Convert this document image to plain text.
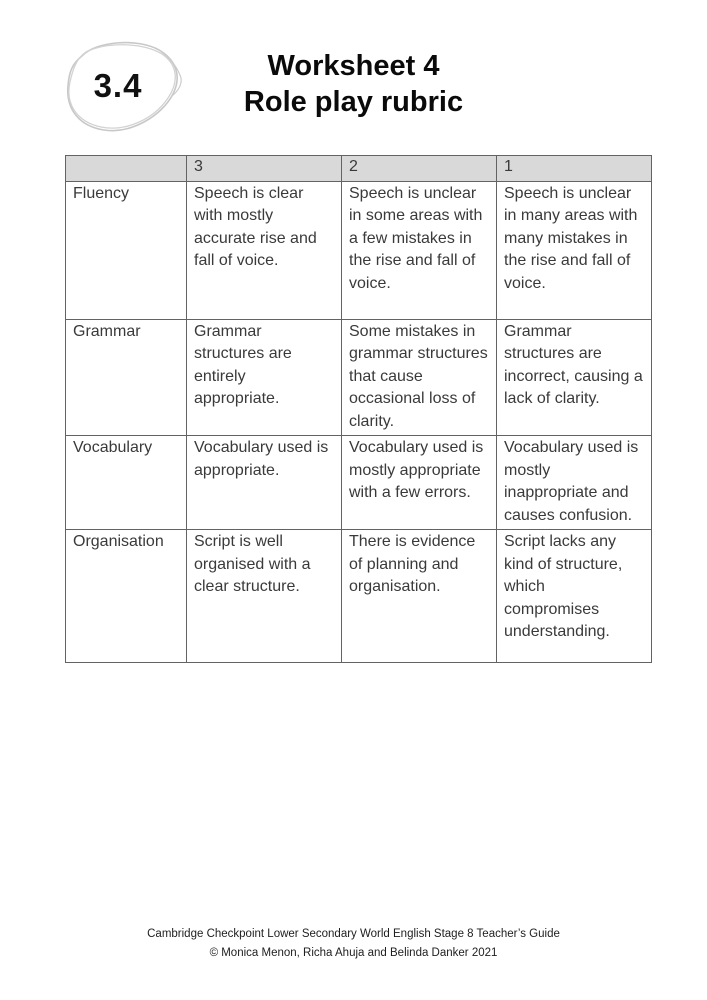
3.4
Worksheet 4
Role play rubric
	3	2	1
Fluency	Speech is clear with mostly accurate rise and fall of voice.	Speech is unclear in some areas with a few mistakes in the rise and fall of voice.	Speech is unclear in many areas with many mistakes in the rise and fall of voice.
Grammar	Grammar structures are entirely appropriate.	Some mistakes in grammar structures that cause occasional loss of clarity.	Grammar structures are incorrect, causing a lack of clarity.
Vocabulary	Vocabulary used is appropriate.	Vocabulary used is mostly appropriate with a few errors.	Vocabulary used is mostly inappropriate and causes confusion.
Organisation	Script is well organised with a clear structure.	There is evidence of planning and organisation.	Script lacks any kind of structure, which compromises understanding.
Cambridge Checkpoint Lower Secondary World English Stage 8 Teacher’s Guide
© Monica Menon, Richa Ahuja and Belinda Danker 2021
